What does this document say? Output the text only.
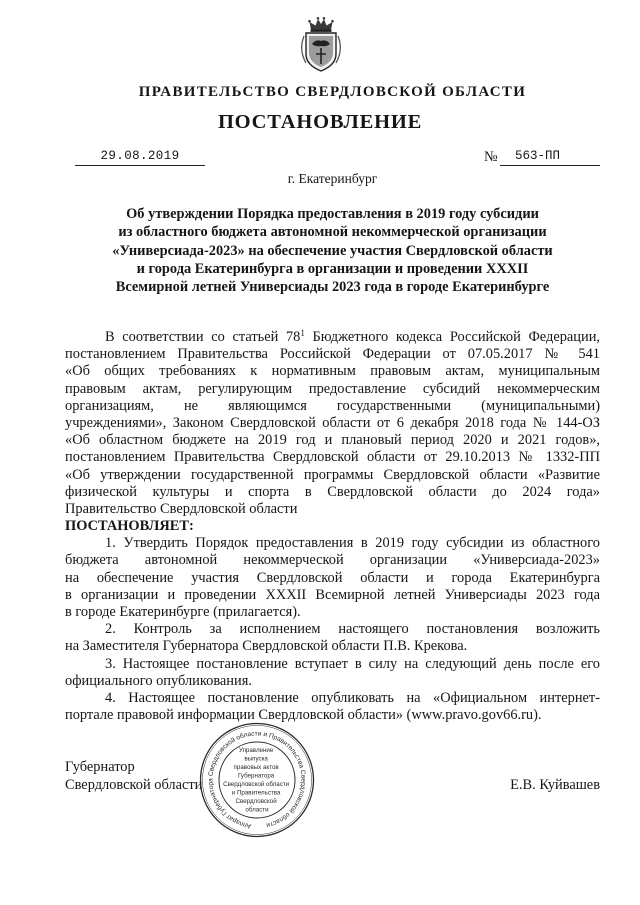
ПРАВИТЕЛЬСТВО СВЕРДЛОВСКОЙ ОБЛАСТИ
ПОСТАНОВЛЕНИЕ
29.08.2019	№	563-ПП
г. Екатеринбург
Об утверждении Порядка предоставления в 2019 году субсидии
из областного бюджета автономной некоммерческой организации
«Универсиада-2023» на обеспечение участия Свердловской области
и города Екатеринбурга в организации и проведении XXXII
Всемирной летней Универсиады 2023 года в городе Екатеринбурге
В соответствии со статьей $78^1$ Бюджетного кодекса Российской Федерации,
постановлением Правительства Российской Федерации от 07.05.2017 № 541
«Об общих требованиях к нормативным правовым актам, муниципальным
правовым актам, регулирующим предоставление субсидий некоммерческим
организациям, не являющимся государственными (муниципальными)
учреждениями», Законом Свердловской области от 6 декабря 2018 года № 144-ОЗ
«Об областном бюджете на 2019 год и плановый период 2020 и 2021 годов»,
постановлением Правительства Свердловской области от 29.10.2013 № 1332-ПП
«Об утверждении государственной программы Свердловской области «Развитие
физической культуры и спорта в Свердловской области до 2024 года»
Правительство Свердловской области
ПОСТАНОВЛЯЕТ:
1. Утвердить Порядок предоставления в 2019 году субсидии из областного
бюджета автономной некоммерческой организации «Универсиада-2023»
на обеспечение участия Свердловской области и города Екатеринбурга
в организации и проведении XXXII Всемирной летней Универсиады 2023 года
в городе Екатеринбурге (прилагается).
2. Контроль за исполнением настоящего постановления возложить
на Заместителя Губернатора Свердловской области П.В. Крекова.
3. Настоящее постановление вступает в силу на следующий день после его
официального опубликования.
4. Настоящее постановление опубликовать на «Официальном интернет-
портале правовой информации Свердловской области» (www.pravo.gov66.ru).
Губернатор
Свердловской области	Е.В. Куйвашев
Аппарат Губернатора Свердловской области и Правительства Свердловской области
Управление выпуска правовых актов Губернатора Свердловской области и Правительства Свердловской области
